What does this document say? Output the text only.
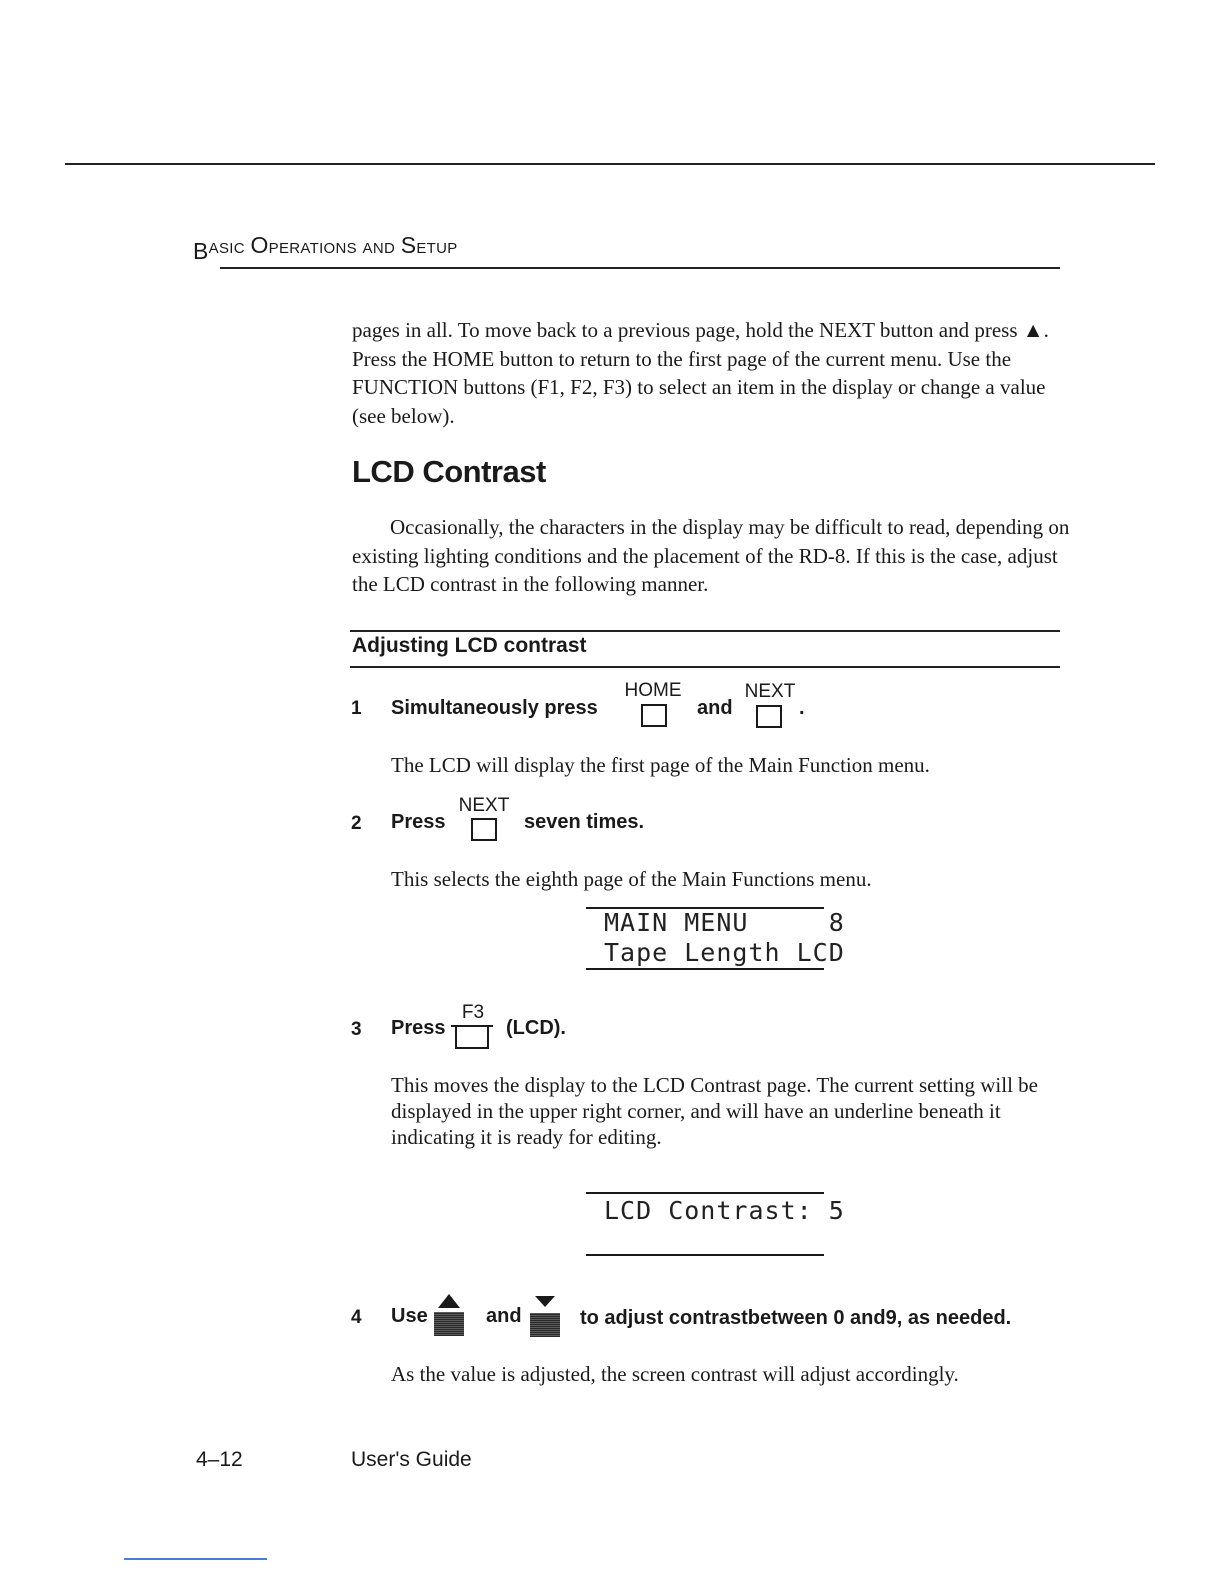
BASIC OPERATIONS AND SETUP
pages in all. To move back to a previous page, hold the NEXT button and press ▲. Press the HOME button to return to the first page of the current menu. Use the FUNCTION buttons (F1, F2, F3) to select an item in the display or change a value (see below).
LCD Contrast
Occasionally, the characters in the display may be difficult to read, depending on existing lighting conditions and the placement of the RD-8. If this is the case, adjust the LCD contrast in the following manner.
Adjusting LCD contrast
1 Simultaneously press
HOME
and
NEXT
.
The LCD will display the first page of the Main Function menu.
2 Press
NEXT
seven times.
This selects the eighth page of the Main Functions menu.
MAIN MENU     8
Tape Length LCD
3 Press
F3
(LCD).
This moves the display to the LCD Contrast page. The current setting will be displayed in the upper right corner, and will have an underline beneath it indicating it is ready for editing.
LCD Contrast: 5
4 Use	and	to adjust contrastbetween 0 and9, as needed.
As the value is adjusted, the screen contrast will adjust accordingly.
4–12	User's Guide
